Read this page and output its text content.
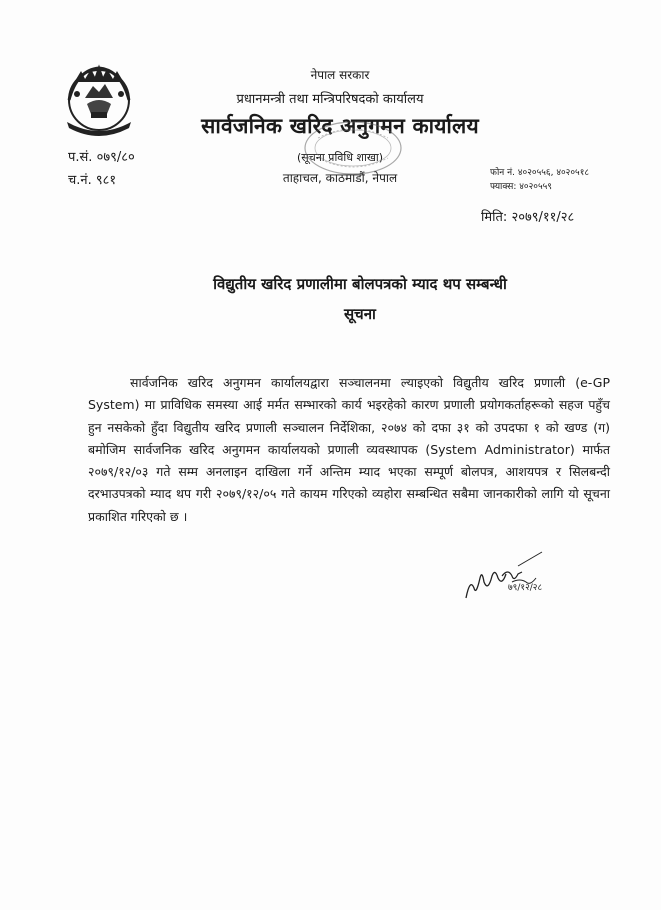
नेपाल सरकार
प्रधानमन्त्री तथा मन्त्रिपरिषदको कार्यालय
सार्वजनिक खरिद अनुगमन कार्यालय
(सूचना प्रविधि शाखा)
ताहाचल, काठमाडौं, नेपाल
प.सं. ०७९/८०
च.नं. ९८१	फोन नं. ४०२०५५६, ४०२०५१८
फ्याक्स: ४०२०५५९
मिति: २०७९/११/२८
विद्युतीय खरिद प्रणालीमा बोलपत्रको म्याद थप सम्बन्धी
सूचना

सार्वजनिक खरिद अनुगमन कार्यालयद्वारा सञ्चालनमा ल्याइएको विद्युतीय खरिद प्रणाली (e-GP System) मा प्राविधिक समस्या आई मर्मत सम्भारको कार्य भइरहेको कारण प्रणाली प्रयोगकर्ताहरूको सहज पहुँच हुन नसकेको हुँदा विद्युतीय खरिद प्रणाली सञ्चालन निर्देशिका, २०७४ को दफा ३१ को उपदफा १ को खण्ड (ग) बमोजिम सार्वजनिक खरिद अनुगमन कार्यालयको प्रणाली व्यवस्थापक (System Administrator) मार्फत २०७९/१२/०३ गते सम्म अनलाइन दाखिला गर्ने अन्तिम म्याद भएका सम्पूर्ण बोलपत्र, आशयपत्र र सिलबन्दी दरभाउपत्रको म्याद थप गरी २०७९/१२/०५ गते कायम गरिएको व्यहोरा सम्बन्धित सबैमा जानकारीको लागि यो सूचना प्रकाशित गरिएको छ ।

७९/१२/२८
